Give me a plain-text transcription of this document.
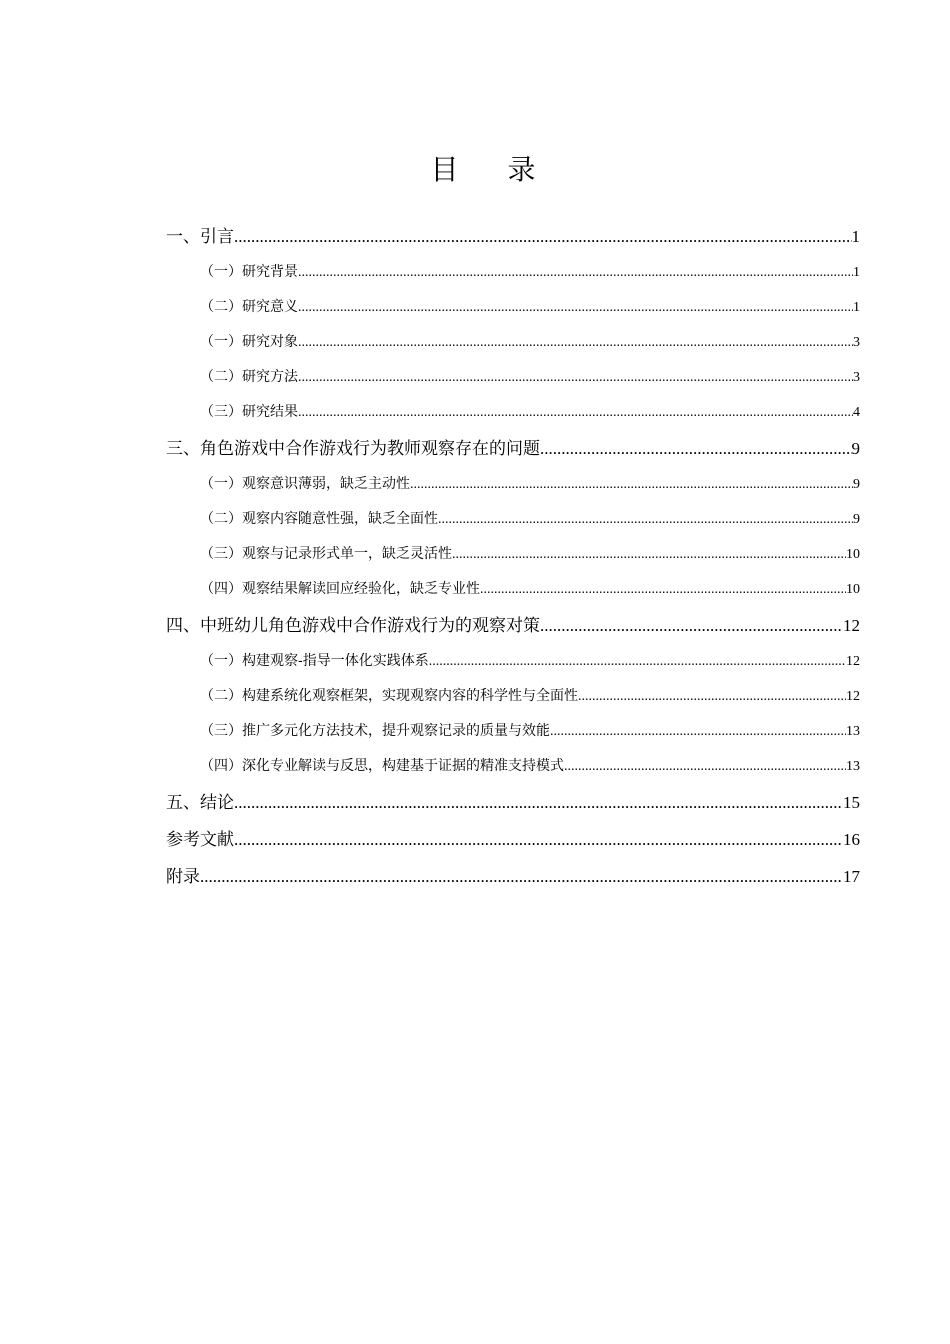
目 录
一、引言 .....	1
（一）研究背景 .....	1
（二）研究意义 .....	1
（一）研究对象 .....	3
（二）研究方法 .....	3
（三）研究结果 .....	4
三、角色游戏中合作游戏行为教师观察存在的问题 .....	9
（一）观察意识薄弱，缺乏主动性 .....	9
（二）观察内容随意性强，缺乏全面性 .....	9
（三）观察与记录形式单一，缺乏灵活性 .....	10
（四）观察结果解读回应经验化，缺乏专业性 .....	10
四、中班幼儿角色游戏中合作游戏行为的观察对策 .....	12
（一）构建观察-指导一体化实践体系 .....	12
（二）构建系统化观察框架，实现观察内容的科学性与全面性 .....	12
（三）推广多元化方法技术，提升观察记录的质量与效能 .....	13
（四）深化专业解读与反思，构建基于证据的精准支持模式 .....	13
五、结论 .....	15
参考文献 .....	16
附录 .....	17
